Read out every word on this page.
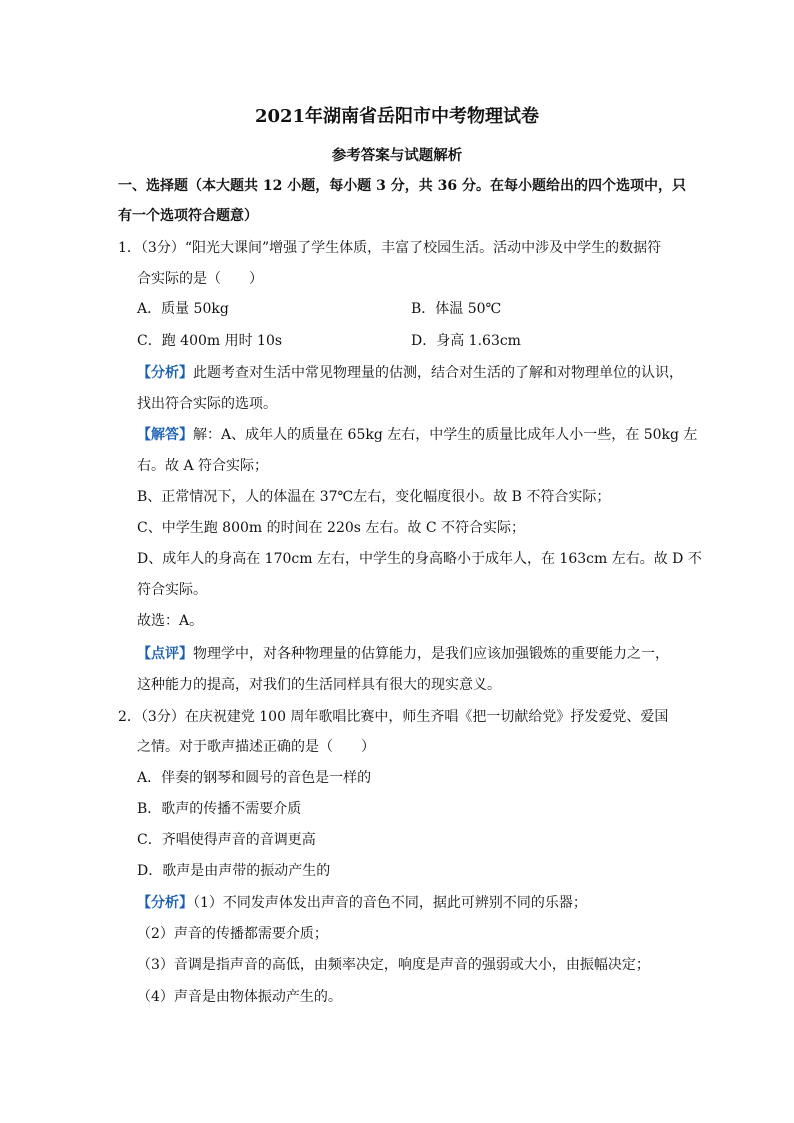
2021年湖南省岳阳市中考物理试卷
参考答案与试题解析
一、选择题（本大题共 12 小题，每小题 3 分，共 36 分。在每小题给出的四个选项中，只
有一个选项符合题意）
1．（3分）“阳光大课间”增强了学生体质，丰富了校园生活。活动中涉及中学生的数据符
合实际的是（　　）
A．质量 50kg	B．体温 50℃
C．跑 400m 用时 10s	D．身高 1.63cm
【分析】此题考查对生活中常见物理量的估测，结合对生活的了解和对物理单位的认识，
找出符合实际的选项。
【解答】解：A、成年人的质量在 65kg 左右，中学生的质量比成年人小一些，在 50kg 左
右。故 A 符合实际；
B、正常情况下，人的体温在 37℃左右，变化幅度很小。故 B 不符合实际；
C、中学生跑 800m 的时间在 220s 左右。故 C 不符合实际；
D、成年人的身高在 170cm 左右，中学生的身高略小于成年人，在 163cm 左右。故 D 不
符合实际。
故选：A。
【点评】物理学中，对各种物理量的估算能力，是我们应该加强锻炼的重要能力之一，
这种能力的提高，对我们的生活同样具有很大的现实意义。
2．（3分）在庆祝建党 100 周年歌唱比赛中，师生齐唱《把一切献给党》抒发爱党、爱国
之情。对于歌声描述正确的是（　　）
A．伴奏的钢琴和圆号的音色是一样的
B．歌声的传播不需要介质
C．齐唱使得声音的音调更高
D．歌声是由声带的振动产生的
【分析】（1）不同发声体发出声音的音色不同，据此可辨别不同的乐器；
（2）声音的传播都需要介质；
（3）音调是指声音的高低，由频率决定，响度是声音的强弱或大小，由振幅决定；
（4）声音是由物体振动产生的。
